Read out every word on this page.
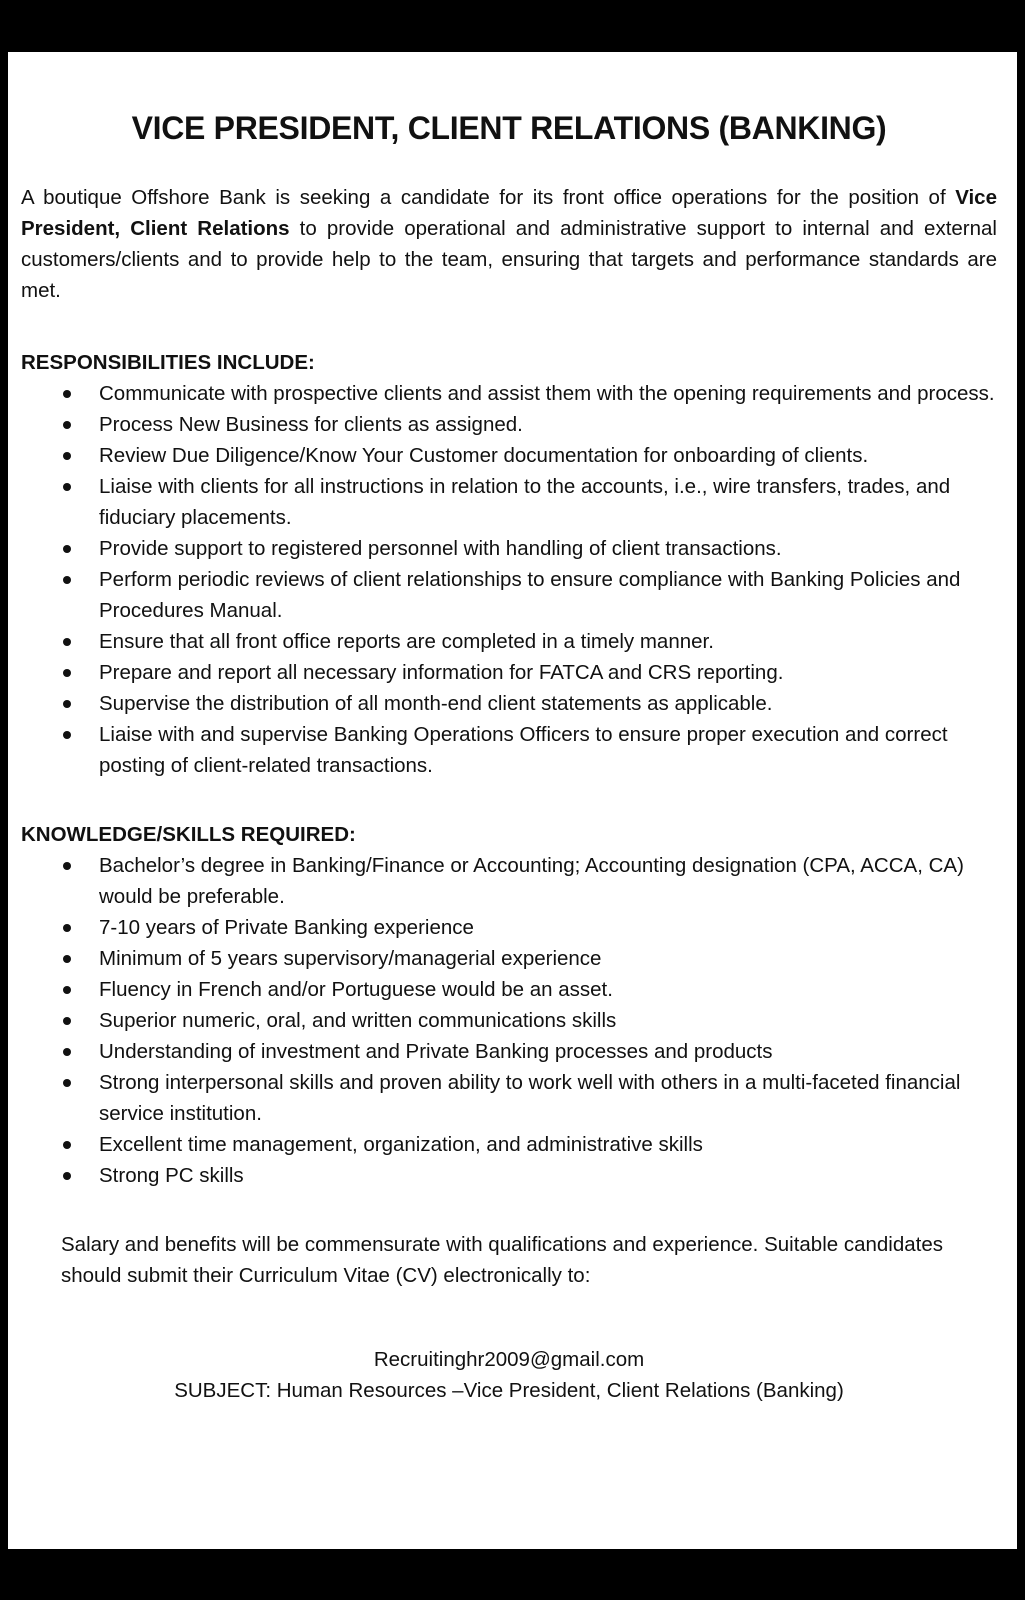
VICE PRESIDENT, CLIENT RELATIONS (BANKING)

A boutique Offshore Bank is seeking a candidate for its front office operations for the position of Vice President, Client Relations to provide operational and administrative support to internal and external customers/clients and to provide help to the team, ensuring that targets and performance standards are met.

RESPONSIBILITIES INCLUDE:

Communicate with prospective clients and assist them with the opening requirements and process.
Process New Business for clients as assigned.
Review Due Diligence/Know Your Customer documentation for onboarding of clients.
Liaise with clients for all instructions in relation to the accounts, i.e., wire transfers, trades, and fiduciary placements.
Provide support to registered personnel with handling of client transactions.
Perform periodic reviews of client relationships to ensure compliance with Banking Policies and Procedures Manual.
Ensure that all front office reports are completed in a timely manner.
Prepare and report all necessary information for FATCA and CRS reporting.
Supervise the distribution of all month-end client statements as applicable.
Liaise with and supervise Banking Operations Officers to ensure proper execution and correct posting of client-related transactions.

KNOWLEDGE/SKILLS REQUIRED:

Bachelor’s degree in Banking/Finance or Accounting; Accounting designation (CPA, ACCA, CA) would be preferable.
7-10 years of Private Banking experience
Minimum of 5 years supervisory/managerial experience
Fluency in French and/or Portuguese would be an asset.
Superior numeric, oral, and written communications skills
Understanding of investment and Private Banking processes and products
Strong interpersonal skills and proven ability to work well with others in a multi-faceted financial service institution.
Excellent time management, organization, and administrative skills
Strong PC skills

Salary and benefits will be commensurate with qualifications and experience. Suitable candidates should submit their Curriculum Vitae (CV) electronically to:

Recruitinghr2009@gmail.com
SUBJECT: Human Resources –Vice President, Client Relations (Banking)
